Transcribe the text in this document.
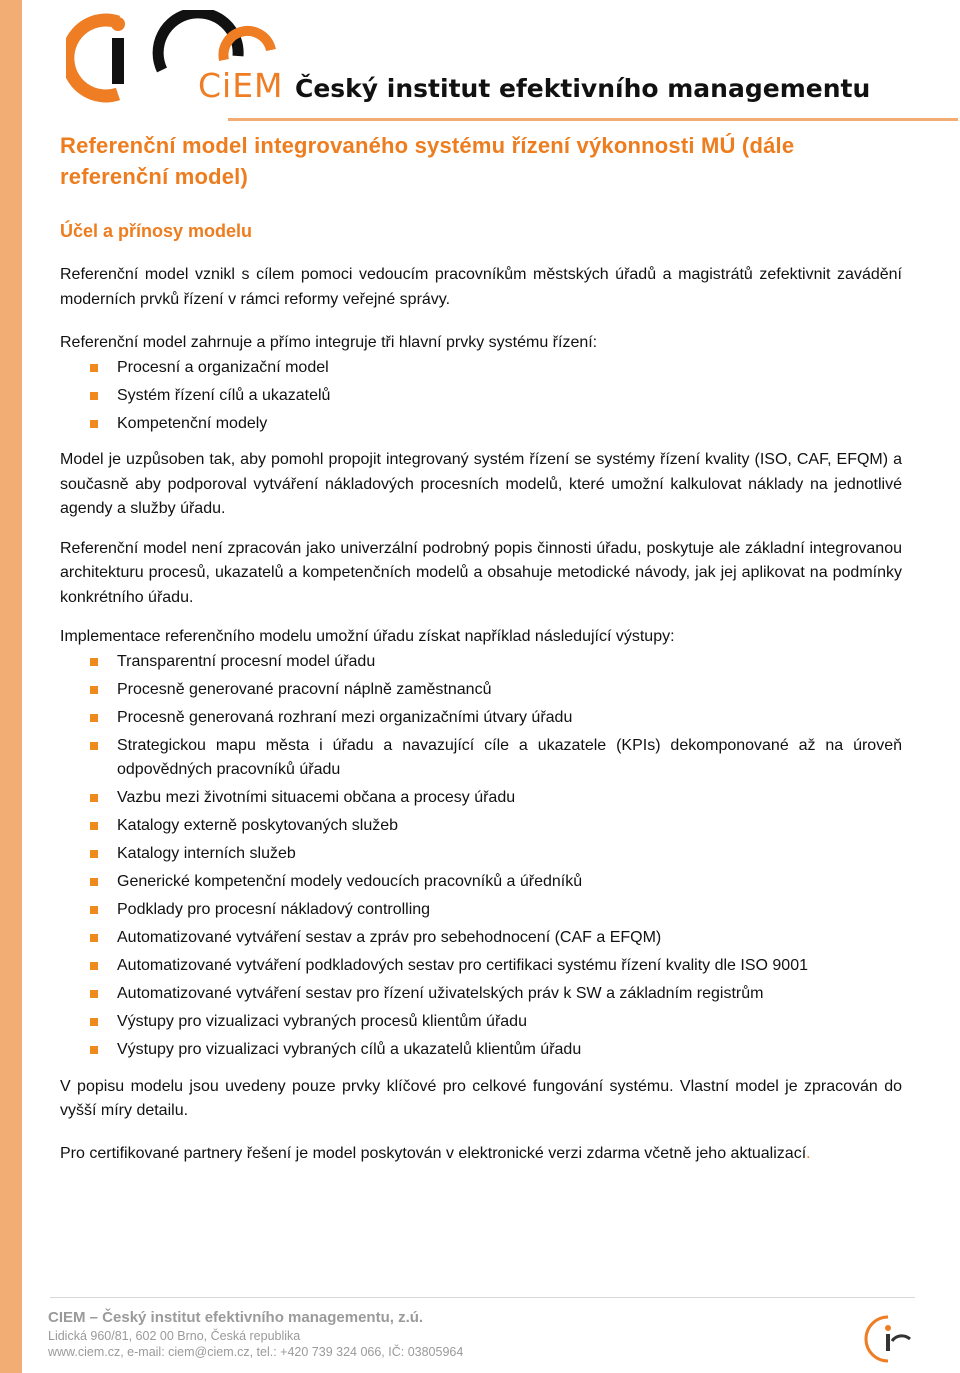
CiEM Český institut efektivního managementu
Referenční model integrovaného systému řízení výkonnosti MÚ (dále referenční model)
Účel a přínosy modelu

Referenční model vznikl s cílem pomoci vedoucím pracovníkům městských úřadů a magistrátů zefektivnit zavádění moderních prvků řízení v rámci reformy veřejné správy.

Referenční model zahrnuje a přímo integruje tři hlavní prvky systému řízení:

Procesní a organizační model
Systém řízení cílů a ukazatelů
Kompetenční modely

Model je uzpůsoben tak, aby pomohl propojit integrovaný systém řízení se systémy řízení kvality (ISO, CAF, EFQM) a současně aby podporoval vytváření nákladových procesních modelů, které umožní kalkulovat náklady na jednotlivé agendy a služby úřadu.

Referenční model není zpracován jako univerzální podrobný popis činnosti úřadu, poskytuje ale základní integrovanou architekturu procesů, ukazatelů a kompetenčních modelů a obsahuje metodické návody, jak jej aplikovat na podmínky konkrétního úřadu.

Implementace referenčního modelu umožní úřadu získat například následující výstupy:

Transparentní procesní model úřadu
Procesně generované pracovní náplně zaměstnanců
Procesně generovaná rozhraní mezi organizačními útvary úřadu
Strategickou mapu města i úřadu a navazující cíle a ukazatele (KPIs) dekomponované až na úroveň odpovědných pracovníků úřadu
Vazbu mezi životními situacemi občana a procesy úřadu
Katalogy externě poskytovaných služeb
Katalogy interních služeb
Generické kompetenční modely vedoucích pracovníků a úředníků
Podklady pro procesní nákladový controlling
Automatizované vytváření sestav a zpráv pro sebehodnocení (CAF a EFQM)
Automatizované vytváření podkladových sestav pro certifikaci systému řízení kvality dle ISO 9001
Automatizované vytváření sestav pro řízení uživatelských práv k SW a základním registrům
Výstupy pro vizualizaci vybraných procesů klientům úřadu
Výstupy pro vizualizaci vybraných cílů a ukazatelů klientům úřadu

V popisu modelu jsou uvedeny pouze prvky klíčové pro celkové fungování systému. Vlastní model je zpracován do vyšší míry detailu.

Pro certifikované partnery řešení je model poskytován v elektronické verzi zdarma včetně jeho aktualizací.

CIEM – Český institut efektivního managementu, z.ú.
Lidická 960/81, 602 00 Brno, Česká republika
www.ciem.cz, e-mail: ciem@ciem.cz, tel.: +420 739 324 066, IČ: 03805964
